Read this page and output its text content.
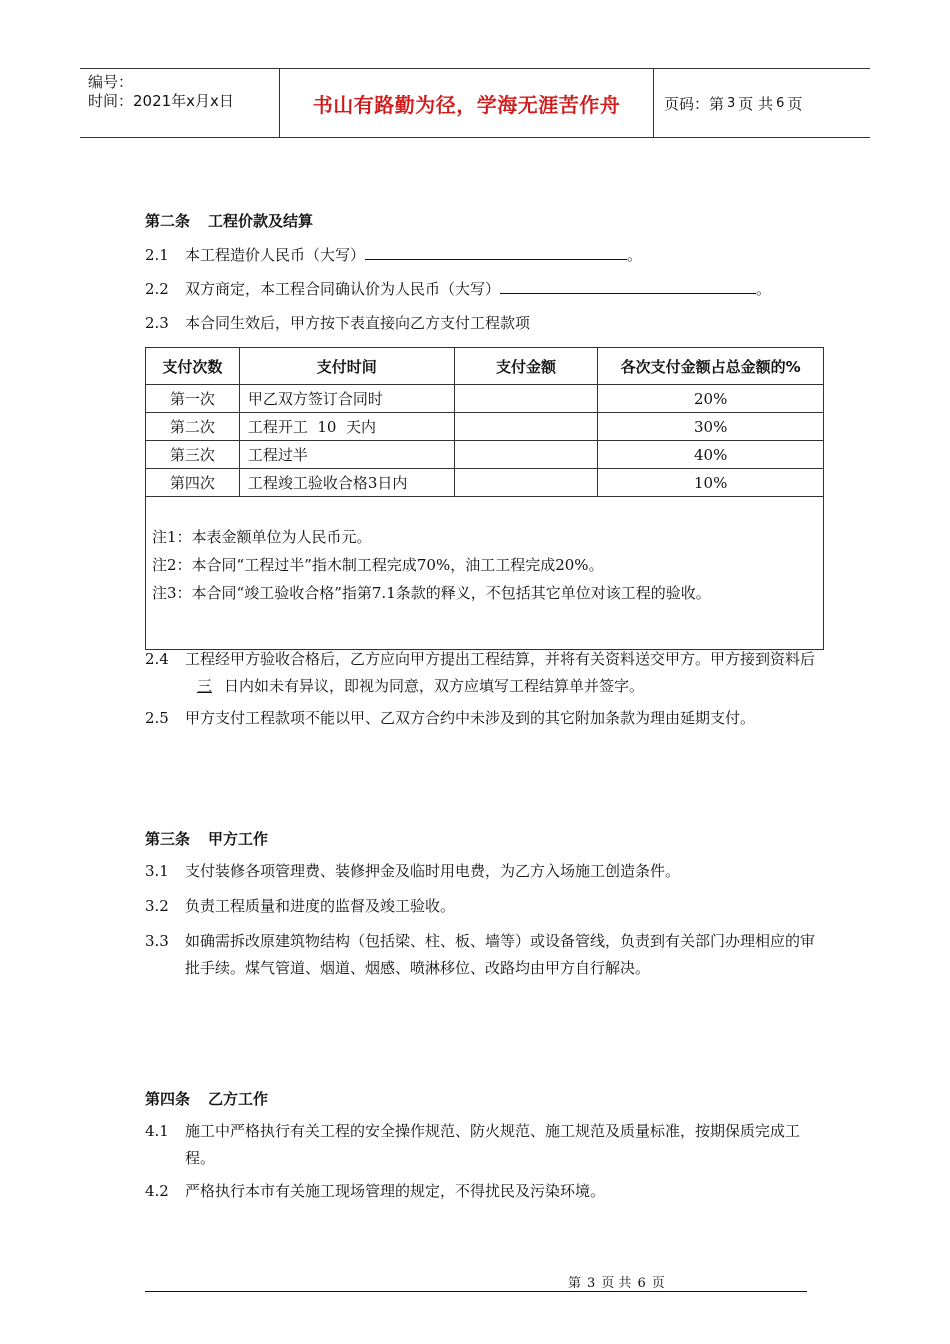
编号：
时间：2021年x月x日	书山有路勤为径，学海无涯苦作舟	页码：第 3 页 共 6 页
第二条 工程价款及结算
2.1	本工程造价人民币（大写）	。
2.2	双方商定，本工程合同确认价为人民币（大写）	。
2.3	本合同生效后，甲方按下表直接向乙方支付工程款项
支付次数	支付时间	支付金额	各次支付金额占总金额的%
第一次	甲乙双方签订合同时		20%
第二次	工程开工  10  天内		30%
第三次	工程过半		40%
第四次	工程竣工验收合格3日内		10%

注1：本表金额单位为人民币元。
注2：本合同“工程过半”指木制工程完成70%，油工工程完成20%。
注3：本合同“竣工验收合格”指第7.1条款的释义，不包括其它单位对该工程的验收。			
2.4	工程经甲方验收合格后，乙方应向甲方提出工程结算，并将有关资料送交甲方。甲方接到资料后三 日内如未有异议，即视为同意，双方应填写工程结算单并签字。
2.5	甲方支付工程款项不能以甲、乙双方合约中未涉及到的其它附加条款为理由延期支付。
第三条 甲方工作
3.1	支付装修各项管理费、装修押金及临时用电费，为乙方入场施工创造条件。
3.2	负责工程质量和进度的监督及竣工验收。
3.3	如确需拆改原建筑物结构（包括梁、柱、板、墙等）或设备管线，负责到有关部门办理相应的审批手续。煤气管道、烟道、烟感、喷淋移位、改路均由甲方自行解决。
第四条 乙方工作
4.1	施工中严格执行有关工程的安全操作规范、防火规范、施工规范及质量标准，按期保质完成工程。
4.2	严格执行本市有关施工现场管理的规定，不得扰民及污染环境。
第 3 页 共 6 页
